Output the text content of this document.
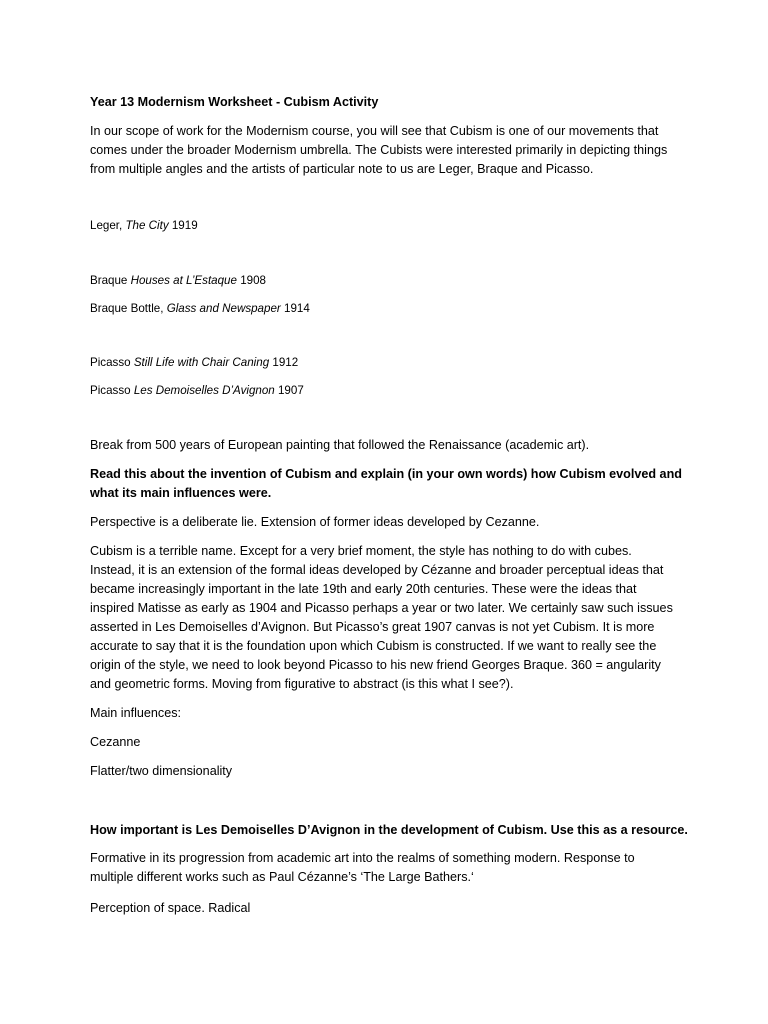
Year 13 Modernism Worksheet - Cubism Activity

In our scope of work for the Modernism course, you will see that Cubism is one of our movements that
comes under the broader Modernism umbrella. The Cubists were interested primarily in depicting things
from multiple angles and the artists of particular note to us are Leger, Braque and Picasso.

Leger, The City 1919

Braque Houses at L’Estaque 1908

Braque Bottle, Glass and Newspaper 1914

Picasso Still Life with Chair Caning 1912

Picasso Les Demoiselles D’Avignon 1907

Break from 500 years of European painting that followed the Renaissance (academic art).

Read this about the invention of Cubism and explain (in your own words) how Cubism evolved and
what its main influences were.

Perspective is a deliberate lie. Extension of former ideas developed by Cezanne.

Cubism is a terrible name. Except for a very brief moment, the style has nothing to do with cubes.
Instead, it is an extension of the formal ideas developed by Cézanne and broader perceptual ideas that
became increasingly important in the late 19th and early 20th centuries. These were the ideas that
inspired Matisse as early as 1904 and Picasso perhaps a year or two later. We certainly saw such issues
asserted in Les Demoiselles d’Avignon. But Picasso’s great 1907 canvas is not yet Cubism. It is more
accurate to say that it is the foundation upon which Cubism is constructed. If we want to really see the
origin of the style, we need to look beyond Picasso to his new friend Georges Braque. 360 = angularity
and geometric forms. Moving from figurative to abstract (is this what I see?).

Main influences:

Cezanne

Flatter/two dimensionality

How important is Les Demoiselles D’Avignon in the development of Cubism. Use this as a resource.

Formative in its progression from academic art into the realms of something modern. Response to
multiple different works such as Paul Cézanne’s ‘The Large Bathers.‘

Perception of space. Radical
